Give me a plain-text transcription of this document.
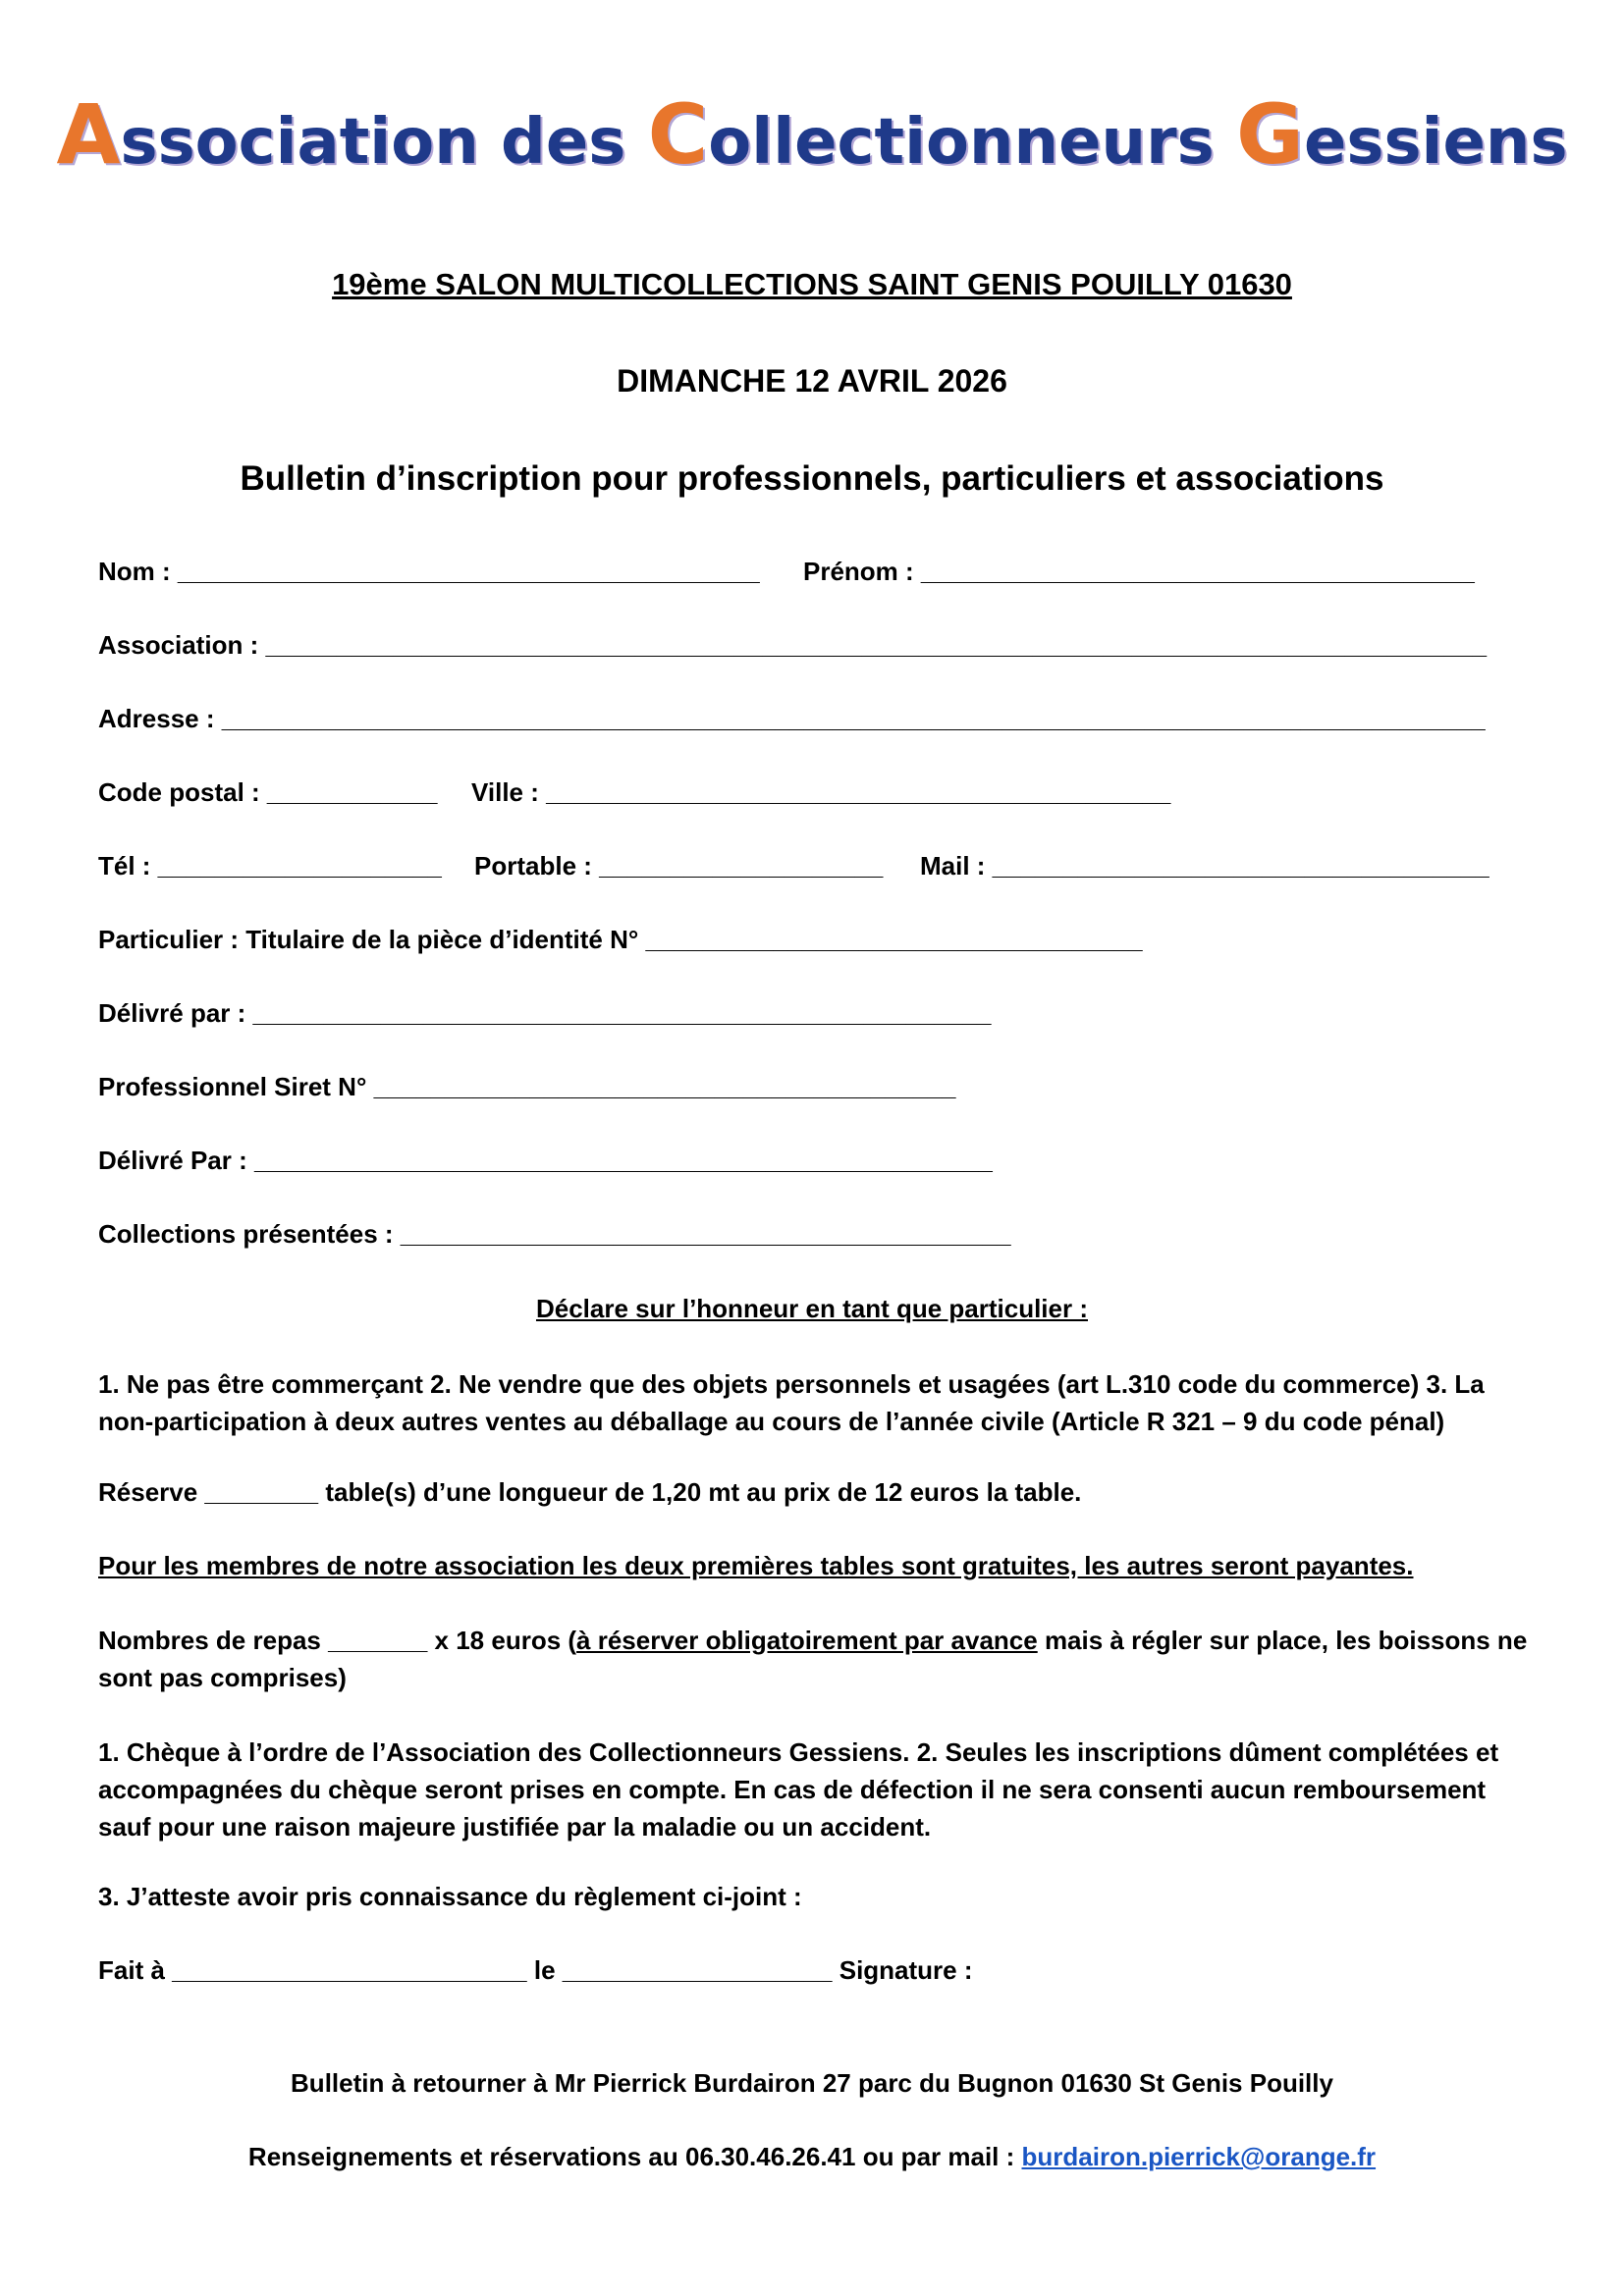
Association des Collectionneurs Gessiens
19ème SALON MULTICOLLECTIONS SAINT GENIS POUILLY 01630
DIMANCHE 12 AVRIL 2026
Bulletin d’inscription pour professionnels, particuliers et associations
Nom : _________________________________________ Prénom : _______________________________________
Association : ______________________________________________________________________________________
Adresse : _________________________________________________________________________________________
Code postal : ____________ Ville : ____________________________________________
Tél : ____________________ Portable : ____________________ Mail : ___________________________________
Particulier : Titulaire de la pièce d’identité N° ___________________________________
Délivré par : ____________________________________________________
Professionnel Siret N° _________________________________________
Délivré Par : ____________________________________________________
Collections présentées : ___________________________________________
Déclare sur l’honneur en tant que particulier :
1. Ne pas être commerçant 2. Ne vendre que des objets personnels et usagées (art L.310 code du commerce) 3. La non-participation à deux autres ventes au déballage au cours de l’année civile (Article R 321 – 9 du code pénal)
Réserve ________ table(s) d’une longueur de 1,20 mt au prix de 12 euros la table.
Pour les membres de notre association les deux premières tables sont gratuites, les autres seront payantes.
Nombres de repas _______ x 18 euros (à réserver obligatoirement par avance mais à régler sur place, les boissons ne sont pas comprises)
1. Chèque à l’ordre de l’Association des Collectionneurs Gessiens. 2. Seules les inscriptions dûment complétées et accompagnées du chèque seront prises en compte. En cas de défection il ne sera consenti aucun remboursement sauf pour une raison majeure justifiée par la maladie ou un accident.
3. J’atteste avoir pris connaissance du règlement ci-joint :
Fait à _________________________ le ___________________ Signature :
Bulletin à retourner à Mr Pierrick Burdairon 27 parc du Bugnon 01630 St Genis Pouilly
Renseignements et réservations au 06.30.46.26.41 ou par mail : burdairon.pierrick@orange.fr
